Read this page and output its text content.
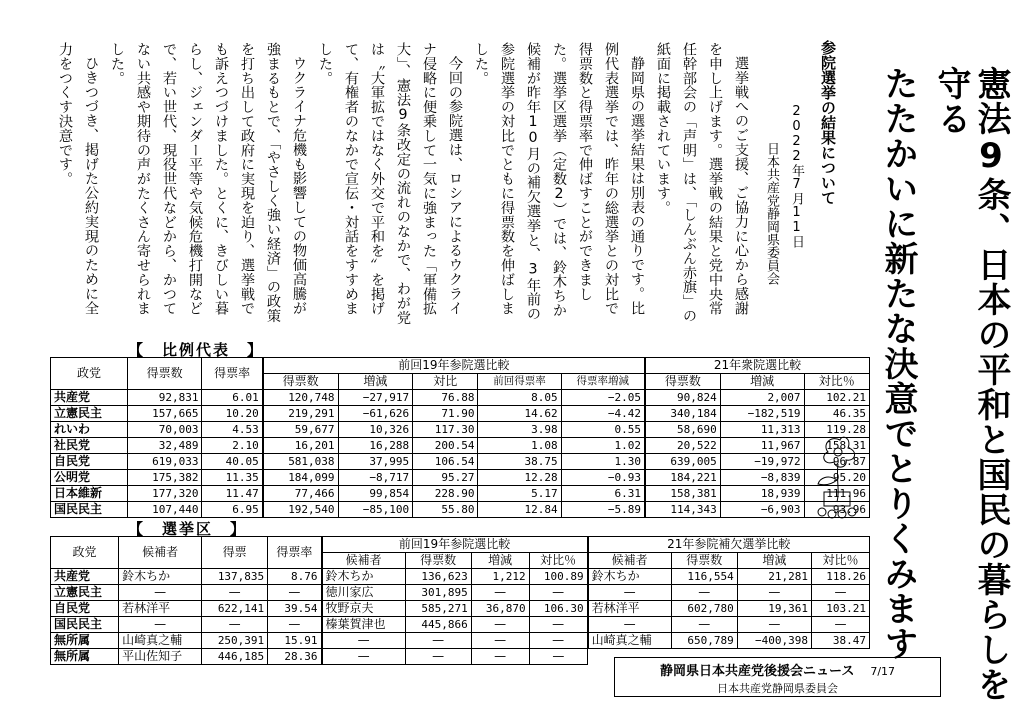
憲法9条、日本の平和と国民の暮らしを守る
たたかいに新たな決意でとりくみます
参院選挙の結果について
2022年7月11日
日本共産党静岡県委員会

選挙戦へのご支援、ご協力に心から感謝を申し上げます。選挙戦の結果と党中央常任幹部会の「声明」は、「しんぶん赤旗」の紙面に掲載されています。

静岡県の選挙結果は別表の通りです。比例代表選挙では、昨年の総選挙との対比で得票数と得票率で伸ばすことができました。選挙区選挙（定数2）では、鈴木ちか候補が昨年10月の補欠選挙と、3年前の参院選挙の対比でともに得票数を伸ばしました。

今回の参院選は、ロシアによるウクライナ侵略に便乗して一気に強まった「軍備拡大」、憲法9条改定の流れのなかで、わが党は〝大軍拡ではなく外交で平和を〟を掲げて、有権者のなかで宣伝・対話をすすめました。

ウクライナ危機も影響しての物価高騰が強まるもとで、「やさしく強い経済」の政策を打ち出して政府に実現を迫り、選挙戦でも訴えつづけました。とくに、きびしい暮らし、ジェンダー平等や気候危機打開などで、若い世代、現役世代などから、かつてない共感や期待の声がたくさん寄せられました。

ひきつづき、掲げた公約実現のために全力をつくす決意です。

【　比例代表　】
政党	得票数	得票率	前回19年参院選比較					21年衆院選比較		
			得票数	増減	対比	前回得票率	得票率増減	得票数	増減	対比％
共産党	92,831	6.01	120,748	−27,917	76.88	8.05	−2.05	90,824	2,007	102.21
立憲民主	157,665	10.20	219,291	−61,626	71.90	14.62	−4.42	340,184	−182,519	46.35
れいわ	70,003	4.53	59,677	10,326	117.30	3.98	0.55	58,690	11,313	119.28
社民党	32,489	2.10	16,201	16,288	200.54	1.08	1.02	20,522	11,967	158.31
自民党	619,033	40.05	581,038	37,995	106.54	38.75	1.30	639,005	−19,972	96.87
公明党	175,382	11.35	184,099	−8,717	95.27	12.28	−0.93	184,221	−8,839	95.20
日本維新	177,320	11.47	77,466	99,854	228.90	5.17	6.31	158,381	18,939	111.96
国民民主	107,440	6.95	192,540	−85,100	55.80	12.84	−5.89	114,343	−6,903	93.96
【　選挙区　】
政党	候補者	得票	得票率	前回19年参院選比較				21年参院補欠選挙比較			
				候補者	得票数	増減	対比％	候補者	得票数	増減	対比％
共産党	鈴木ちか	137,835	8.76	鈴木ちか	136,623	1,212	100.89	鈴木ちか	116,554	21,281	118.26
立憲民主	—	—	—	徳川家広	301,895	—	—	—	—	—	—
自民党	若林洋平	622,141	39.54	牧野京夫	585,271	36,870	106.30	若林洋平	602,780	19,361	103.21
国民民主	—	—	—	榛葉賀津也	445,866	—	—	—	—	—	—
無所属	山崎真之輔	250,391	15.91	—	—	—	—	山崎真之輔	650,789	−400,398	38.47
無所属	平山佐知子	446,185	28.36	—	—	—	—				
静岡県日本共産党後援会ニュース 7/17
日本共産党静岡県委員会
